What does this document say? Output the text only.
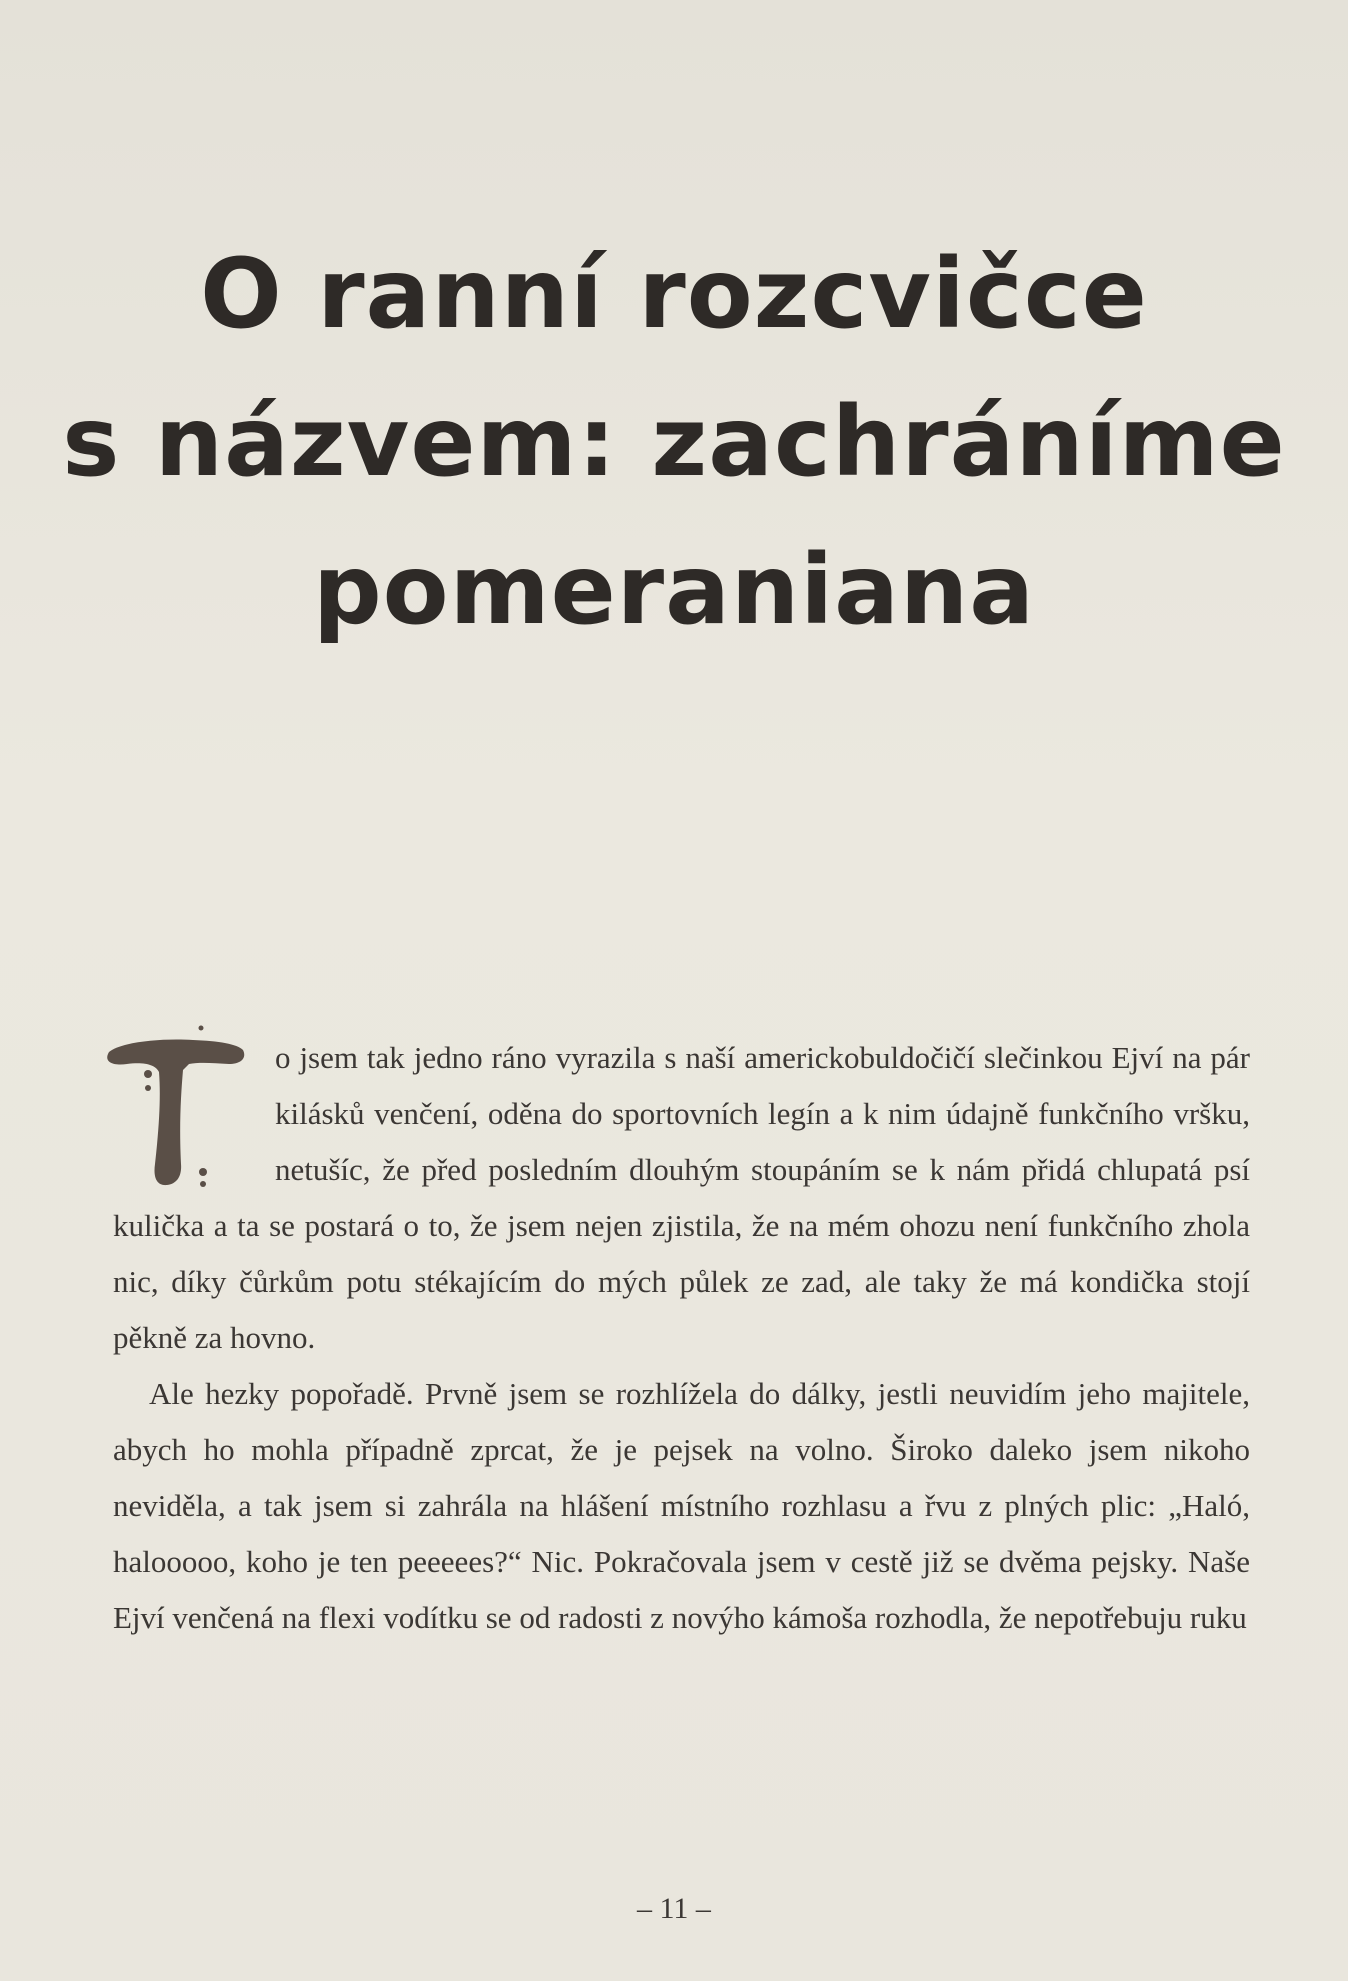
O ranní rozcvičce
s názvem: zachráníme
pomeraniana

o jsem tak jedno ráno vyrazila s naší americkobuldočičí slečinkou Ejví na pár kilásků venčení, oděna do sportovních legín a k nim údajně funkčního vršku, netušíc, že před posledním dlouhým stoupáním se k nám přidá chlupatá psí kulička a ta se postará o to, že jsem nejen zjistila, že na mém ohozu není funkčního zhola nic, díky čůrkům potu stékajícím do mých půlek ze zad, ale taky že má kondička stojí pěkně za hovno.

Ale hezky popořadě. Prvně jsem se rozhlížela do dálky, jestli neuvidím jeho majitele, abych ho mohla případně zprcat, že je pejsek na volno. Široko daleko jsem nikoho neviděla, a tak jsem si zahrála na hlášení místního rozhlasu a řvu z plných plic: „Haló, halooooo, koho je ten peeeees?“ Nic. Pokračovala jsem v cestě již se dvěma pejsky. Naše Ejví venčená na flexi vodítku se od radosti z novýho kámoša rozhodla, že nepotřebuju ruku

– 11 –
